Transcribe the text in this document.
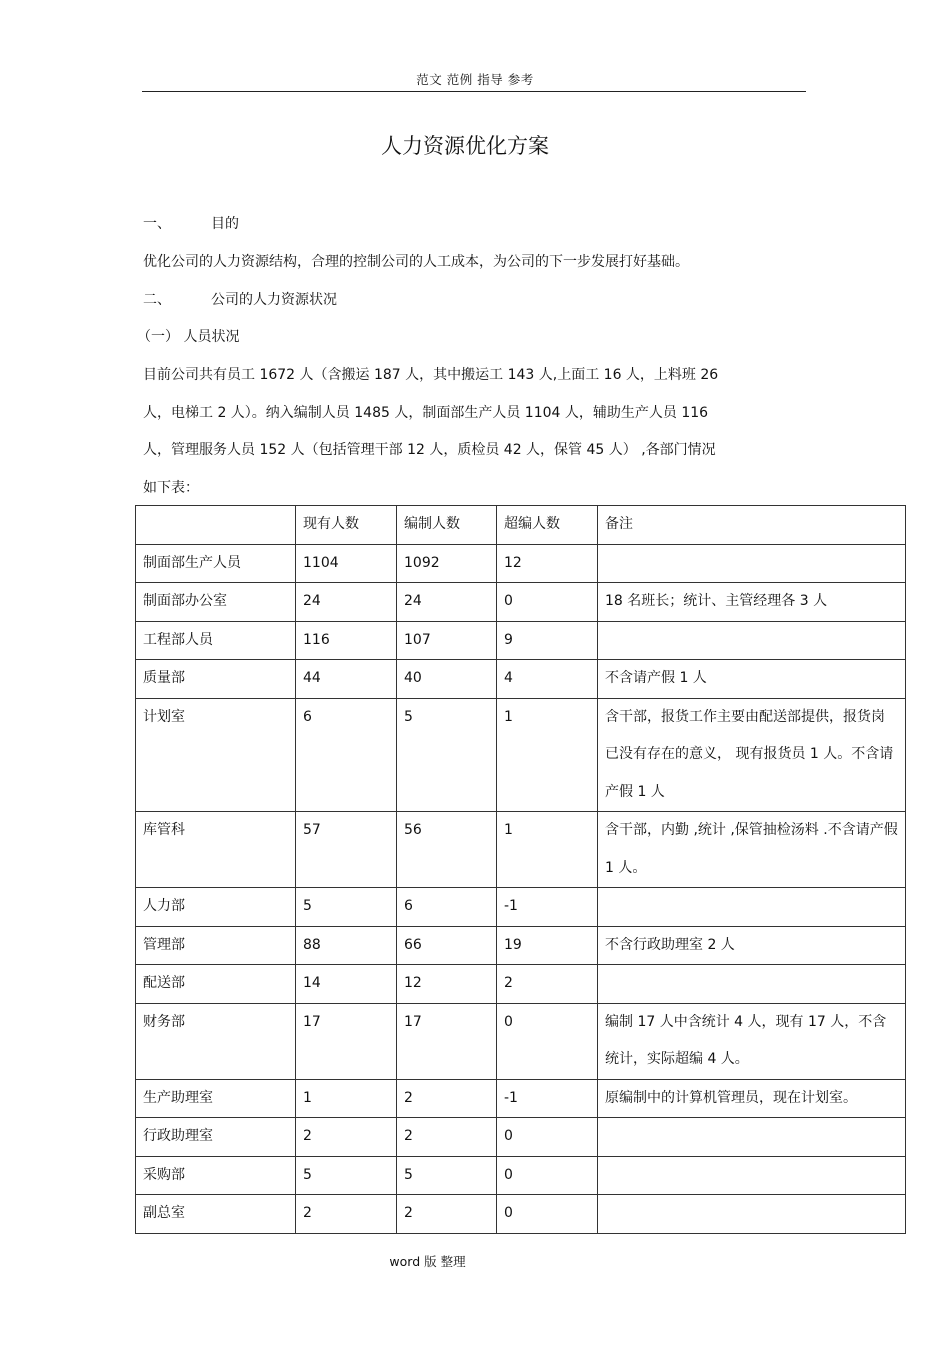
范文 范例 指导 参考
人力资源优化方案
一、	目的
优化公司的人力资源结构，合理的控制公司的人工成本，为公司的下一步发展打好基础。
二、	公司的人力资源状况
（一） 人员状况
目前公司共有员工 1672 人（含搬运 187 人，其中搬运工 143 人,上面工 16 人，上料班 26
人，电梯工 2 人）。纳入编制人员 1485 人，制面部生产人员 1104 人，辅助生产人员 116
人，管理服务人员 152 人（包括管理干部 12 人，质检员 42 人，保管 45 人） ,各部门情况
如下表：
	现有人数	编制人数	超编人数	备注
制面部生产人员	1104	1092	12	
制面部办公室	24	24	0	18 名班长；统计、主管经理各 3 人
工程部人员	116	107	9	
质量部	44	40	4	不含请产假 1 人
计划室	6	5	1	含干部，报货工作主要由配送部提供，报货岗已没有存在的意义， 现有报货员 1 人。不含请产假 1 人
库管科	57	56	1	含干部，内勤 ,统计 ,保管抽检汤料 .不含请产假 1 人。
人力部	5	6	-1	
管理部	88	66	19	不含行政助理室 2 人
配送部	14	12	2	
财务部	17	17	0	编制 17 人中含统计 4 人，现有 17 人，不含统计，实际超编 4 人。
生产助理室	1	2	-1	原编制中的计算机管理员，现在计划室。
行政助理室	2	2	0	
采购部	5	5	0	
副总室	2	2	0	
word 版 整理
